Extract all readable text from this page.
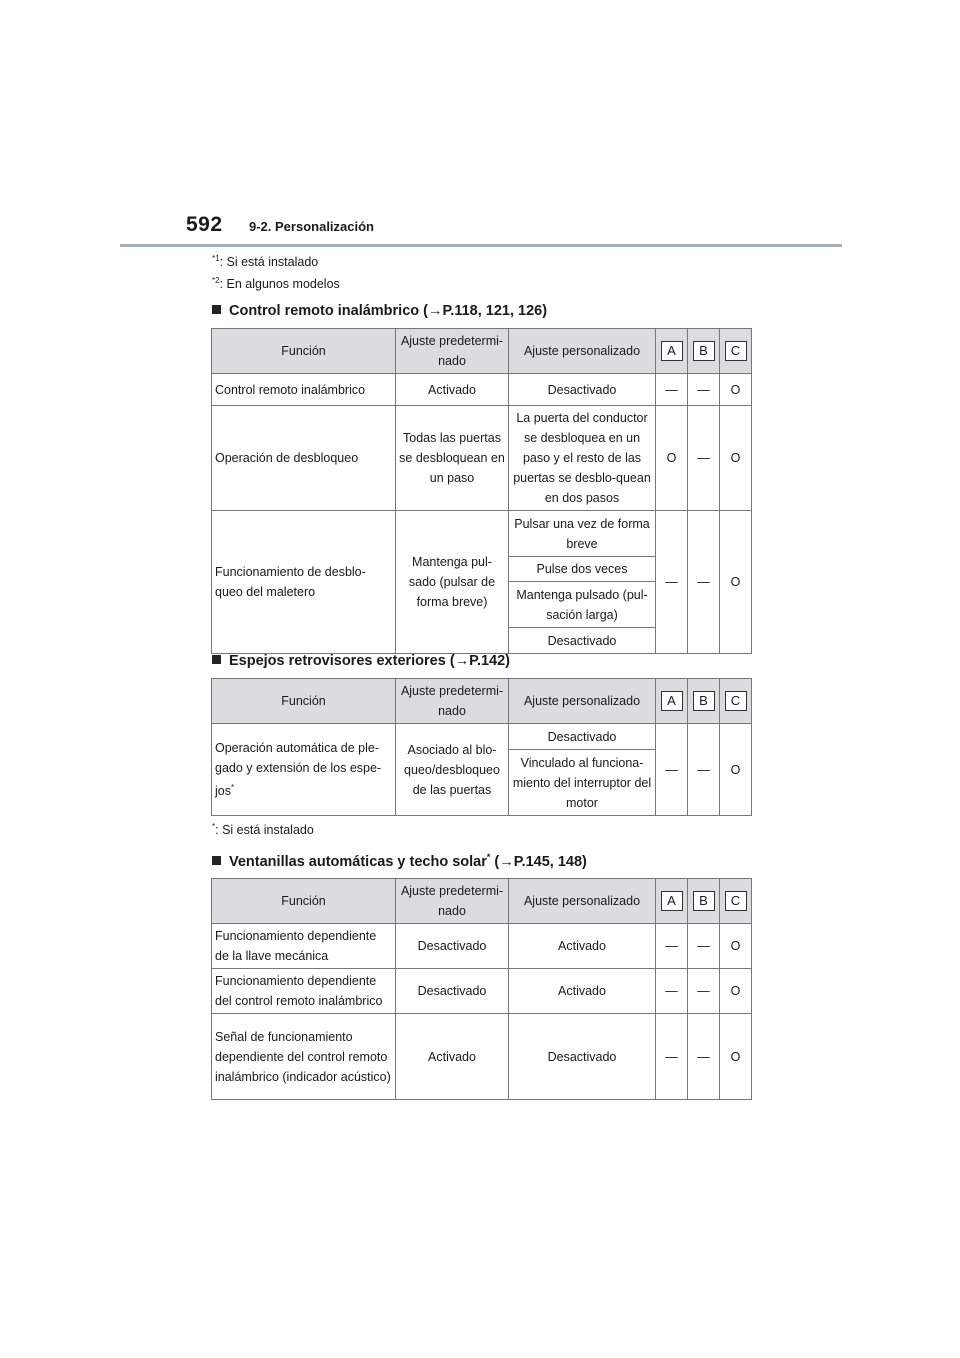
592 9-2. Personalización
$^{*1}$: Si está instalado
$^{*2}$: En algunos modelos
Control remoto inalámbrico (→P.118, 121, 126)
Función	Ajuste predetermi-nado	Ajuste personalizado	A	B	C
Control remoto inalámbrico	Activado	Desactivado	—	—	O
Operación de desbloqueo	Todas las puertas se desbloquean en un paso	La puerta del conductor se desbloquea en un paso y el resto de las puertas se desblo-quean en dos pasos	O	—	O
Funcionamiento de desblo-queo del maletero	Mantenga pul-sado (pulsar de forma breve)	Pulsar una vez de forma breve	—	—	O
		Pulse dos veces			
		Mantenga pulsado (pul-sación larga)			
		Desactivado			
Espejos retrovisores exteriores (→P.142)
Función	Ajuste predetermi-nado	Ajuste personalizado	A	B	C
Operación automática de ple-gado y extensión de los espe-jos*	Asociado al blo-queo/desbloqueo de las puertas	Desactivado	—	—	O
		Vinculado al funciona-miento del interruptor del motor			
*: Si está instalado
Ventanillas automáticas y techo solar* (→P.145, 148)
Función	Ajuste predetermi-nado	Ajuste personalizado	A	B	C
Funcionamiento dependiente de la llave mecánica	Desactivado	Activado	—	—	O
Funcionamiento dependiente del control remoto inalámbrico	Desactivado	Activado	—	—	O
Señal de funcionamiento dependiente del control remoto inalámbrico (indicador acústico)	Activado	Desactivado	—	—	O
